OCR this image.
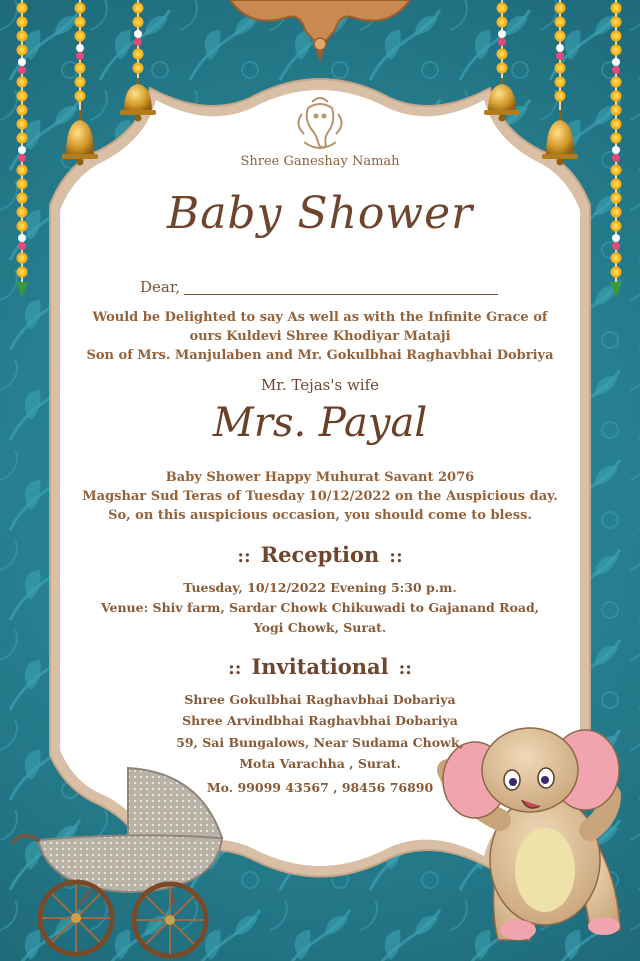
Shree Ganeshay Namah
Baby Shower
Dear,
Would be Delighted to say As well as with the Infinite Grace of
ours Kuldevi Shree Khodiyar Mataji
Son of Mrs. Manjulaben and Mr. Gokulbhai Raghavbhai Dobriya
Mr. Tejas's wife
Mrs. Payal
Baby Shower Happy Muhurat Savant 2076
Magshar Sud Teras of Tuesday 10/12/2022 on the Auspicious day.
So, on this auspicious occasion, you should come to bless.
:: Reception ::
Tuesday, 10/12/2022 Evening 5:30 p.m.
Venue: Shiv farm, Sardar Chowk Chikuwadi to Gajanand Road,
Yogi Chowk, Surat.
:: Invitational ::
Shree Gokulbhai Raghavbhai Dobariya
Shree Arvindbhai Raghavbhai Dobariya
59, Sai Bungalows, Near Sudama Chowk,
Mota Varachha , Surat.
Mo. 99099 43567 , 98456 76890
